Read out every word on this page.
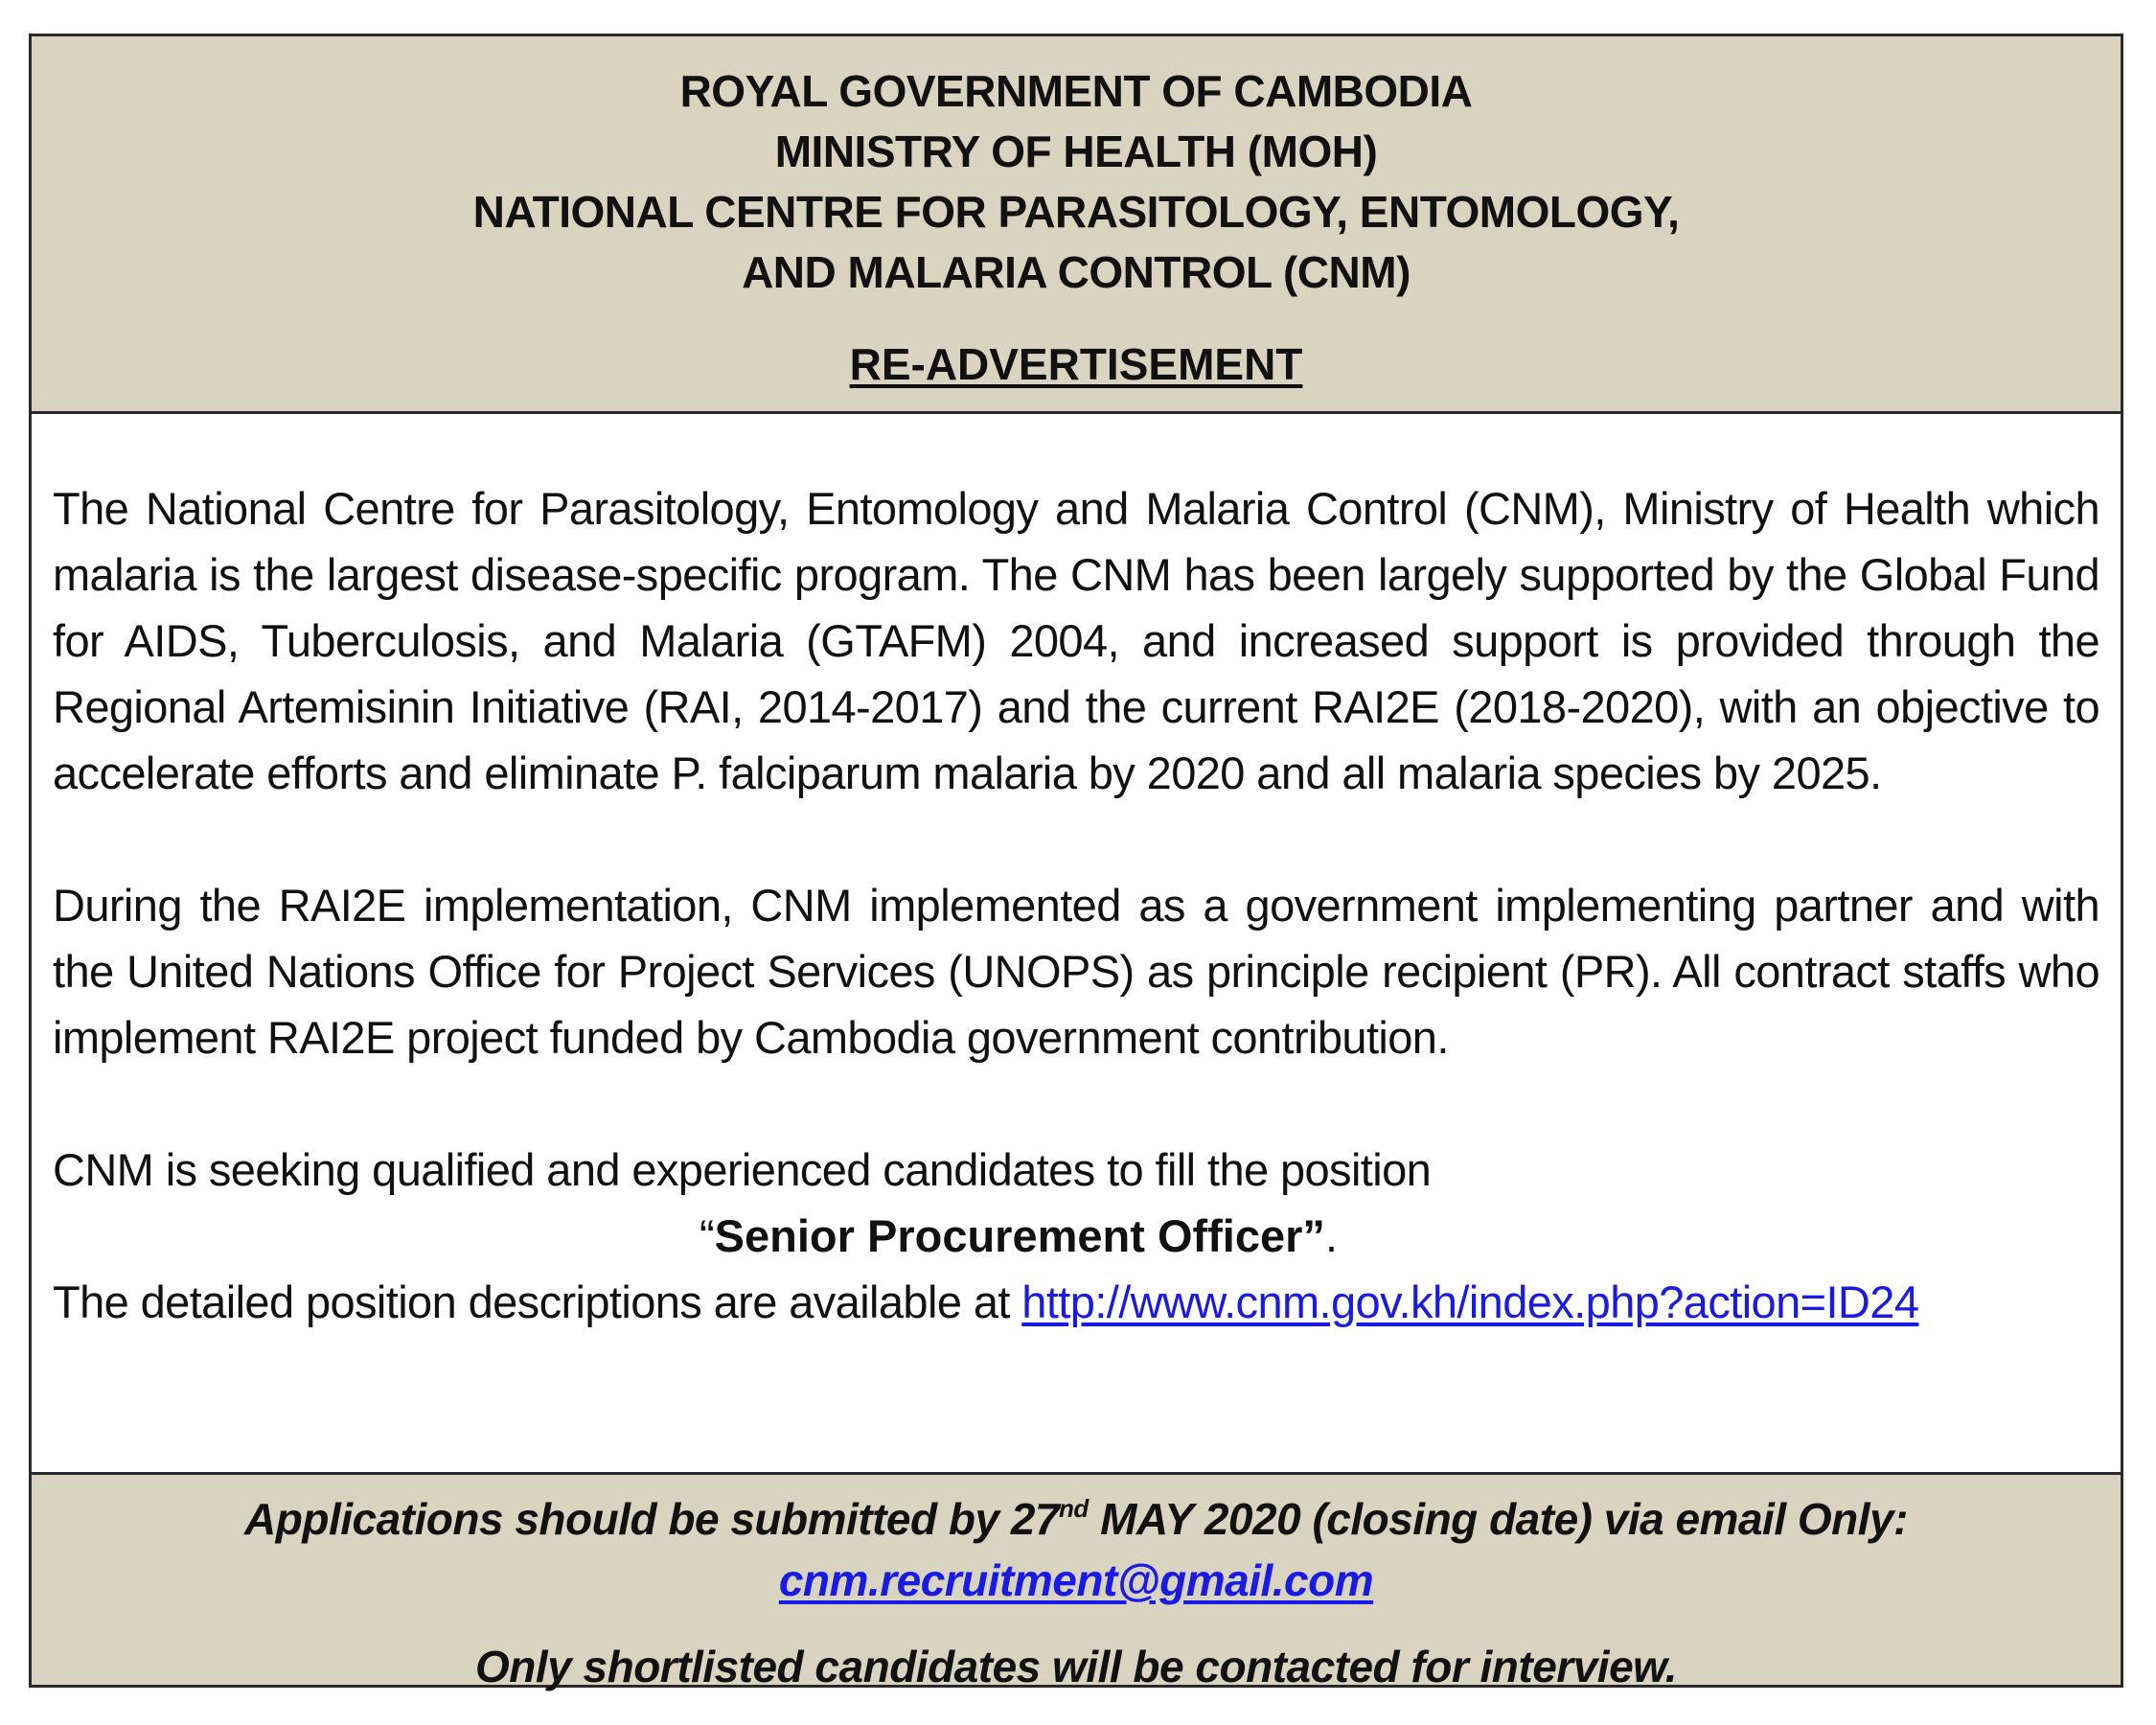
ROYAL GOVERNMENT OF CAMBODIA
MINISTRY OF HEALTH (MOH)
NATIONAL CENTRE FOR PARASITOLOGY, ENTOMOLOGY,
AND MALARIA CONTROL (CNM)
RE-ADVERTISEMENT

The National Centre for Parasitology, Entomology and Malaria Control (CNM), Ministry of Health which malaria is the largest disease-specific program. The CNM has been largely supported by the Global Fund for AIDS, Tuberculosis, and Malaria (GTAFM) 2004, and increased support is provided through the Regional Artemisinin Initiative (RAI, 2014-2017) and the current RAI2E (2018-2020), with an objective to accelerate efforts and eliminate P. falciparum malaria by 2020 and all malaria species by 2025.

During the RAI2E implementation, CNM implemented as a government implementing partner and with the United Nations Office for Project Services (UNOPS) as principle recipient (PR). All contract staffs who implement RAI2E project funded by Cambodia government contribution.

CNM is seeking qualified and experienced candidates to fill the position
“Senior Procurement Officer”.
The detailed position descriptions are available at http://www.cnm.gov.kh/index.php?action=ID24
Applications should be submitted by 27nd MAY 2020 (closing date) via email Only:
cnm.recruitment@gmail.com
Only shortlisted candidates will be contacted for interview.
